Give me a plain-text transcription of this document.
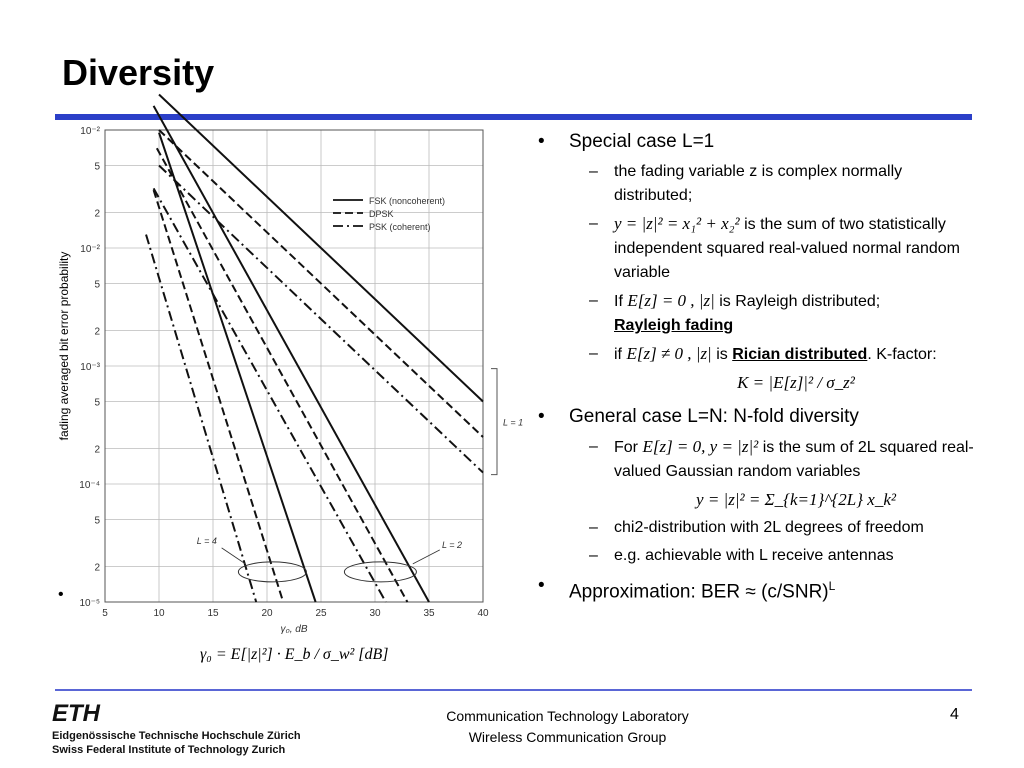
Diversity
5	10	15	20	25	30	35	40
10⁻²
5
2
10⁻²
5
2
10⁻³
5
2
10⁻⁴
5
2
10⁻⁵
γ₀, dB
fading averaged bit error probability
FSK (noncoherent)
DPSK
PSK (coherent)
L = 1
L = 4	L = 2
•
γ₀ = E[|z|²] · E_b / σ_w² [dB]
• Special case L=1
– the fading variable z is complex normally distributed;
– y = |z|² = x₁² + x₂² is the sum of two statistically independent squared real-valued normal random variable
– If E[z] = 0 , |z| is Rayleigh distributed;
Rayleigh fading
– if E[z] ≠ 0 , |z| is Rician distributed. K-factor:
K = |E[z]|² / σ_z²
• General case L=N: N-fold diversity
– For E[z] = 0, y = |z|² is the sum of 2L squared real-valued Gaussian random variables
y = |z|² = Σ_{k=1}^{2L} x_k²
– chi2-distribution with 2L degrees of freedom
– e.g. achievable with L receive antennas
• Approximation: BER ≈ $(c/SNR)^L$
ETH
Eidgenössische Technische Hochschule Zürich
Swiss Federal Institute of Technology Zurich
Communication Technology Laboratory
Wireless Communication Group
4
